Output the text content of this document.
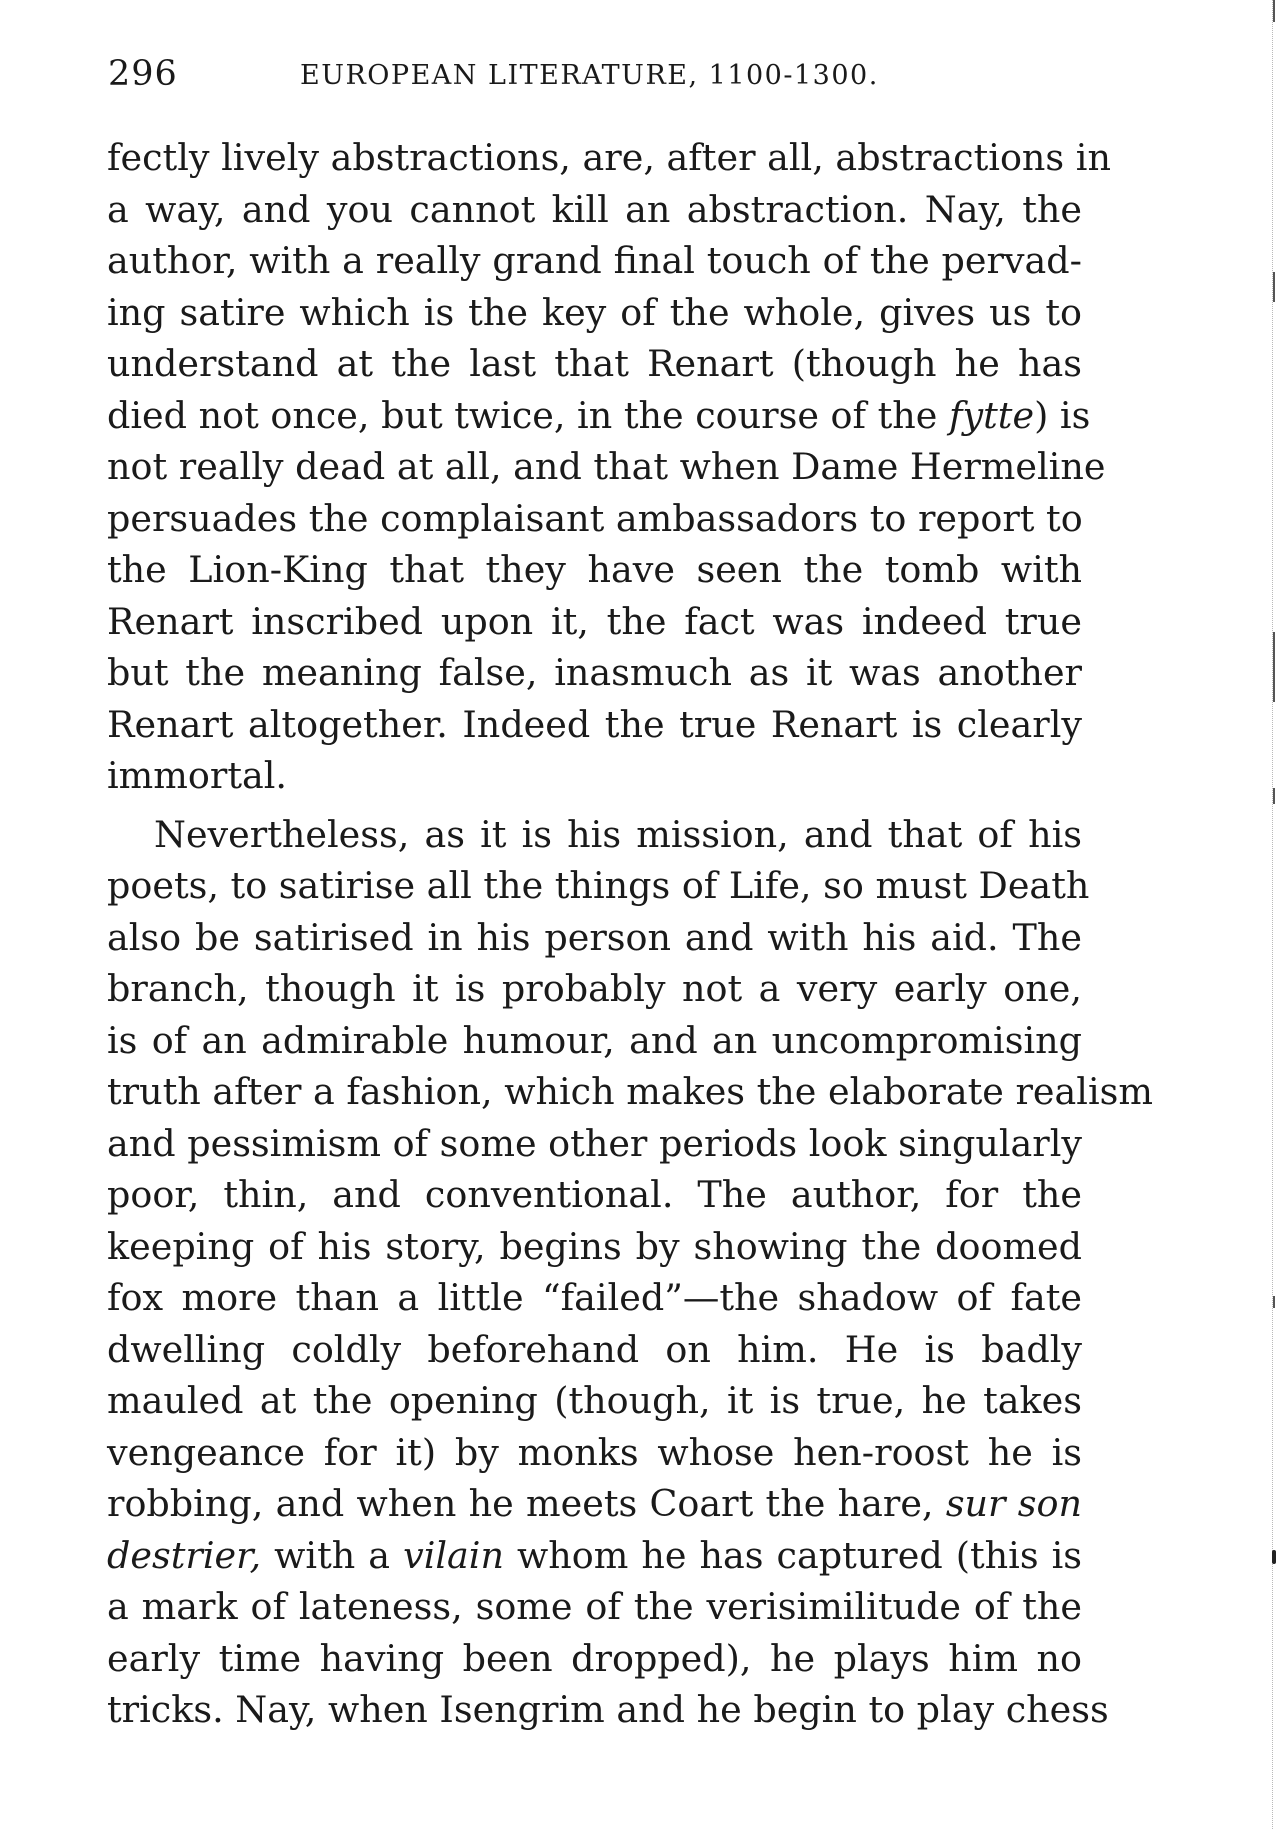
296	EUROPEAN LITERATURE, 1100-1300.
fectly lively abstractions, are, after all, abstractions in
a way, and you cannot kill an abstraction. Nay, the
author, with a really grand final touch of the pervad-
ing satire which is the key of the whole, gives us to
understand at the last that Renart (though he has
died not once, but twice, in the course of the fytte) is
not really dead at all, and that when Dame Hermeline
persuades the complaisant ambassadors to report to
the Lion-King that they have seen the tomb with
Renart inscribed upon it, the fact was indeed true
but the meaning false, inasmuch as it was another
Renart altogether. Indeed the true Renart is clearly
immortal.
Nevertheless, as it is his mission, and that of his
poets, to satirise all the things of Life, so must Death
also be satirised in his person and with his aid. The
branch, though it is probably not a very early one,
is of an admirable humour, and an uncompromising
truth after a fashion, which makes the elaborate realism
and pessimism of some other periods look singularly
poor, thin, and conventional. The author, for the
keeping of his story, begins by showing the doomed
fox more than a little “failed”—the shadow of fate
dwelling coldly beforehand on him. He is badly
mauled at the opening (though, it is true, he takes
vengeance for it) by monks whose hen-roost he is
robbing, and when he meets Coart the hare, sur son
destrier, with a vilain whom he has captured (this is
a mark of lateness, some of the verisimilitude of the
early time having been dropped), he plays him no
tricks. Nay, when Isengrim and he begin to play chess
